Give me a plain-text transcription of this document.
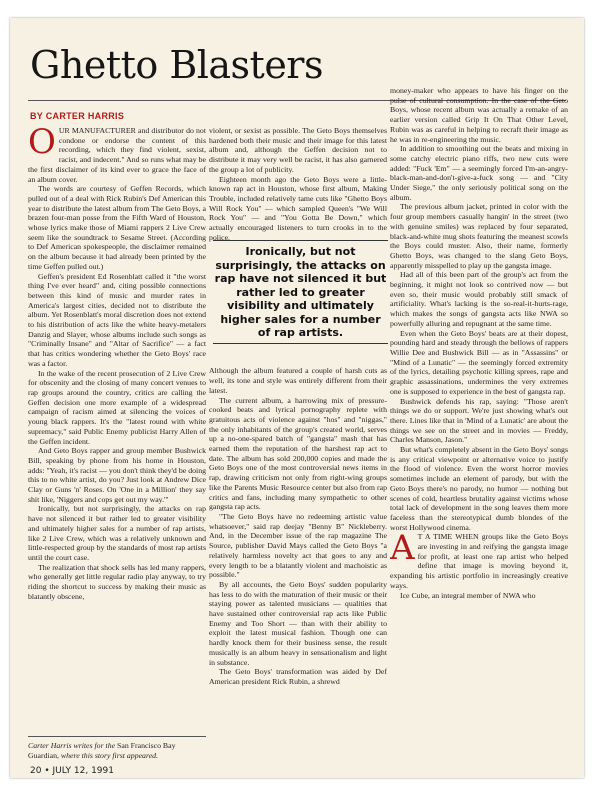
Ghetto Blasters
BY CARTER HARRIS

OUR MANUFACTURER and distributor do not condone or endorse the content of this recording, which they find violent, sexist, racist, and indecent." And so runs what may be the first disclaimer of its kind ever to grace the face of an album cover.

The words are courtesy of Geffen Records, which pulled out of a deal with Rick Rubin's Def American this year to distribute the latest album from The Geto Boys, a brazen four-man posse from the Fifth Ward of Houston, whose lyrics make those of Miami rappers 2 Live Crew seem like the soundtrack to Sesame Street. (According to Def American spokespeople, the disclaimer remained on the album because it had already been printed by the time Geffen pulled out.)

Geffen's president Ed Rosenblatt called it "the worst thing I've ever heard" and, citing possible connections between this kind of music and murder rates in America's largest cities, decided not to distribute the album. Yet Rosenblatt's moral discretion does not extend to his distribution of acts like the white heavy-metalers Danzig and Slayer, whose albums include such songs as "Criminally Insane" and "Altar of Sacrifice" — a fact that has critics wondering whether the Geto Boys' race was a factor.

In the wake of the recent prosecution of 2 Live Crew for obscenity and the closing of many concert venues to rap groups around the country, critics are calling the Geffen decision one more example of a widespread campaign of racism aimed at silencing the voices of young black rappers. It's the "latest round with white supremacy," said Public Enemy publicist Harry Allen of the Geffen incident.

And Geto Boys rapper and group member Bushwick Bill, speaking by phone from his home in Houston, adds: "Yeah, it's racist — you don't think they'd be doing this to no white artist, do you? Just look at Andrew Dice Clay or Guns 'n' Roses. On 'One in a Million' they say shit like, 'Niggers and cops get out my way.'"

Ironically, but not surprisingly, the attacks on rap have not silenced it but rather led to greater visibility and ultimately higher sales for a number of rap artists, like 2 Live Crew, which was a relatively unknown and little-respected group by the standards of most rap artists until the court case.

The realization that shock sells has led many rappers, who generally get little regular radio play anyway, to try riding the shortcut to success by making their music as blatantly obscene,

violent, or sexist as possible. The Geto Boys themselves hardened both their music and their image for this latest album and, although the Geffen decision not to distribute it may very well be racist, it has also garnered the group a lot of publicity.

Eighteen month ago the Geto Boys were a little-known rap act in Houston, whose first album, Making Trouble, included relatively tame cuts like "Ghetto Boys Will Rock You" — which sampled Queen's "We Will Rock You" — and "You Gotta Be Down," which actually encouraged listeners to turn crooks in to the police.

Although the album featured a couple of harsh cuts as well, its tone and style was entirely different from their latest.

The current album, a harrowing mix of pressure-cooked beats and lyrical pornography replete with gratuitous acts of violence against "hos" and "niggas," the only inhabitants of the group's created world, serves up a no-one-spared batch of "gangsta" mash that has earned them the reputation of the harshest rap act to date. The album has sold 200,000 copies and made the Geto Boys one of the most controversial news items in rap, drawing criticism not only from right-wing groups like the Parents Music Resource center but also from rap critics and fans, including many sympathetic to other gangsta rap acts.

"The Geto Boys have no redeeming artistic value whatsoever," said rap deejay "Benny B" Nickleberry. And, in the December issue of the rap magazine The Source, publisher David Mays called the Geto Boys "a relatively harmless novelty act that goes to any and every length to be a blatantly violent and machoistic as possible."

By all accounts, the Geto Boys' sudden popularity has less to do with the maturation of their music or their staying power as talented musicians — qualities that have sustained other controversial rap acts like Public Enemy and Too Short — than with their ability to exploit the latest musical fashion. Though one can hardly knock them for their business sense, the result musically is an album heavy in sensationalism and light in substance.

The Geto Boys' transformation was aided by Def American president Rick Rubin, a shrewd

money-maker who appears to have his finger on the pulse of cultural consumption. In the case of the Geto Boys, whose recent album was actually a remake of an earlier version called Grip It On That Other Level, Rubin was as careful in helping to recraft their image as he was in re-engineering the music.

In addition to smoothing out the beats and mixing in some catchy electric piano riffs, two new cuts were added: "Fuck 'Em" — a seemingly forced I'm-an-angry-black-man-and-don't-give-a-fuck song — and "City Under Siege," the only seriously political song on the album.

The previous album jacket, printed in color with the four group members casually hangin' in the street (two with genuine smiles) was replaced by four separated, black-and-white mug shots featuring the meanest scowls the Boys could muster. Also, their name, formerly Ghetto Boys, was changed to the slang Geto Boys, apparently misspelled to play up the gangsta image.

Had all of this been part of the group's act from the beginning, it might not look so contrived now — but even so, their music would probably still smack of artificiality. What's lacking is the so-real-it-hurts-rage, which makes the songs of gangsta acts like NWA so powerfully alluring and repugnant at the same time.

Even when the Geto Boys' beats are at their dopest, pounding hard and steady through the bellows of rappers Willie Dee and Bushwick Bill — as in "Assassins" or "Mind of a Lunatic" — the seemingly forced extremity of the lyrics, detailing psychotic killing sprees, rape and graphic assassinations, undermines the very extremes one is supposed to experience in the best of gangsta rap.

Bushwick defends his rap, saying: "Those aren't things we do or support. We're just showing what's out there. Lines like that in 'Mind of a Lunatic' are about the things we see on the street and in movies — Freddy, Charles Manson, Jason."

But what's completely absent in the Geto Boys' songs is any critical viewpoint or alternative voice to justify the flood of violence. Even the worst horror movies sometimes include an element of parody, but with the Geto Boys there's no parody, no humor — nothing but scenes of cold, heartless brutality against victims whose total lack of development in the song leaves them more faceless than the stereotypical dumb blondes of the worst Hollywood cinema.

A T A TIME WHEN groups like the Geto Boys are investing in and reifying the gangsta image for profit, at least one rap artist who helped define that image is moving beyond it, expanding his artistic portfolio in increasingly creative ways.

Ice Cube, an integral member of NWA who

Ironically, but not surprisingly, the attacks on rap have not silenced it but rather led to greater visibility and ultimately higher sales for a number of rap artists.
Carter Harris writes for the San Francisco Bay Guardian, where this story first appeared.
20 • JULY 12, 1991
